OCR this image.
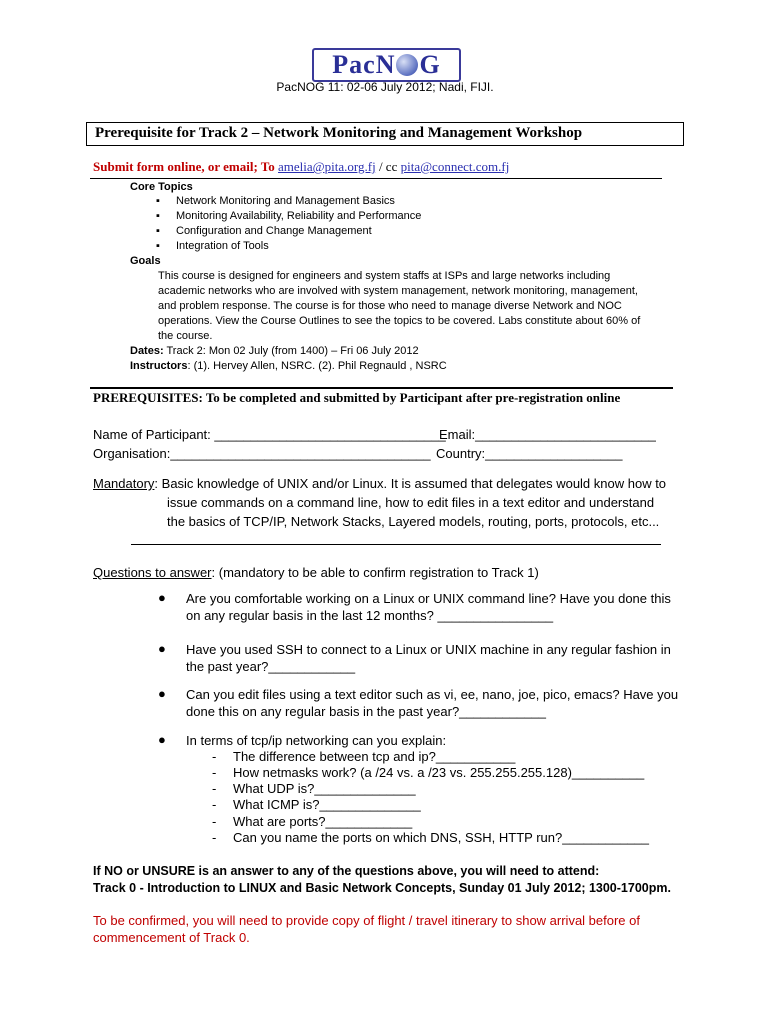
PacN G
PacNOG 11: 02-06 July 2012; Nadi, FIJI.
Prerequisite for Track 2 – Network Monitoring and Management Workshop
Submit form online, or email; To amelia@pita.org.fj / cc pita@connect.com.fj
Core Topics
▪ Network Monitoring and Management Basics
▪ Monitoring Availability, Reliability and Performance
▪ Configuration and Change Management
▪ Integration of Tools
Goals
This course is designed for engineers and system staffs at ISPs and large networks including academic networks who are involved with system management, network monitoring, management, and problem response. The course is for those who need to manage diverse Network and NOC operations. View the Course Outlines to see the topics to be covered. Labs constitute about 60% of the course.
Dates: Track 2: Mon 02 July (from 1400) – Fri 06 July 2012
Instructors: (1). Hervey Allen, NSRC. (2). Phil Regnauld , NSRC
PREREQUISITES: To be completed and submitted by Participant after pre-registration online
Name of Participant: ________________________________
Email:_________________________
Organisation:____________________________________ Country:___________________
Mandatory: Basic knowledge of UNIX and/or Linux. It is assumed that delegates would know how to
issue commands on a command line, how to edit files in a text editor and understand
the basics of TCP/IP, Network Stacks, Layered models, routing, ports, protocols, etc...
Questions to answer: (mandatory to be able to confirm registration to Track 1)
● Are you comfortable working on a Linux or UNIX command line? Have you done this
on any regular basis in the last 12 months? ________________
● Have you used SSH to connect to a Linux or UNIX machine in any regular fashion in
the past year?____________
● Can you edit files using a text editor such as vi, ee, nano, joe, pico, emacs? Have you
done this on any regular basis in the past year?____________
● In terms of tcp/ip networking can you explain:
- The difference between tcp and ip?___________
- How netmasks work? (a /24 vs. a /23 vs. 255.255.255.128)__________
- What UDP is?______________
- What ICMP is?______________
- What are ports?____________
- Can you name the ports on which DNS, SSH, HTTP run?____________
If NO or UNSURE is an answer to any of the questions above, you will need to attend:
Track 0 - Introduction to LINUX and Basic Network Concepts, Sunday 01 July 2012; 1300-1700pm.
To be confirmed, you will need to provide copy of flight / travel itinerary to show arrival before of
commencement of Track 0.
